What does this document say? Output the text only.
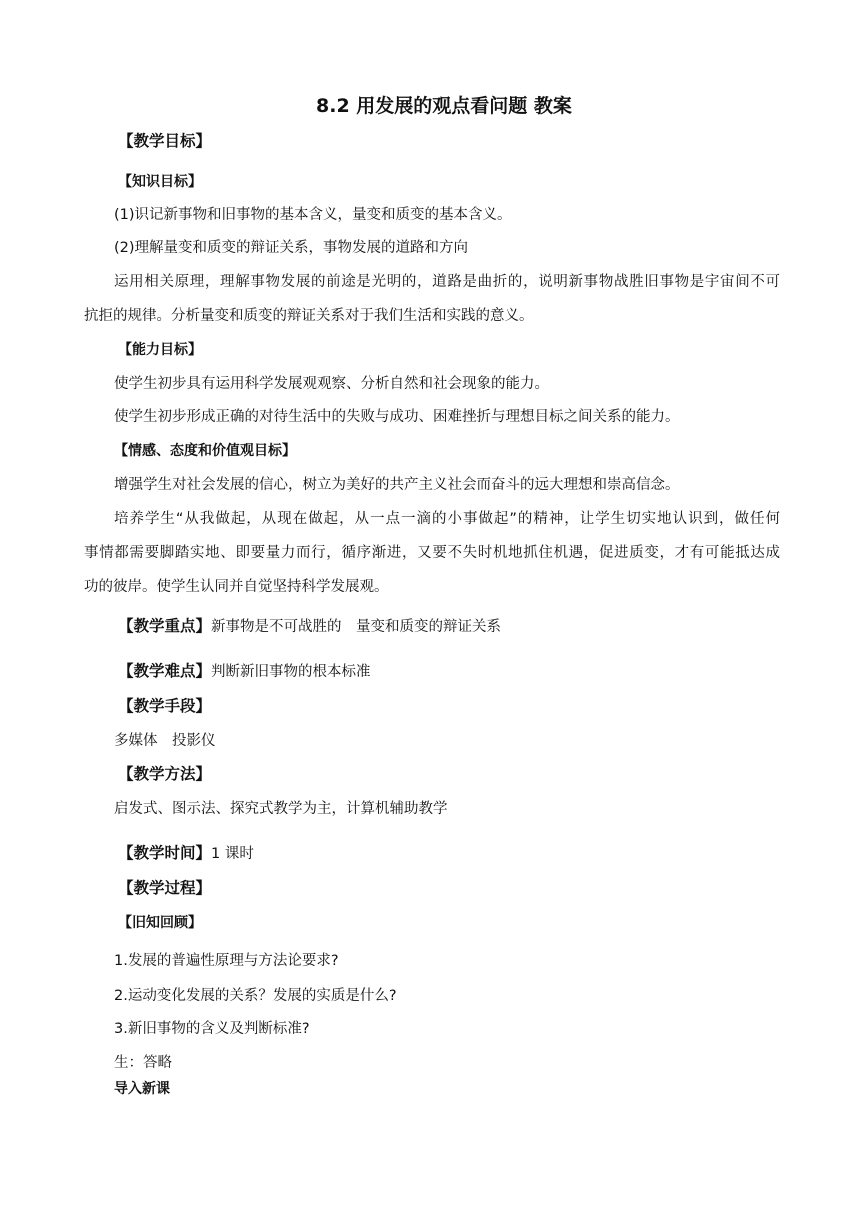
8.2 用发展的观点看问题 教案
【教学目标】
【知识目标】
(1)识记新事物和旧事物的基本含义，量变和质变的基本含义。
(2)理解量变和质变的辩证关系，事物发展的道路和方向
运用相关原理，理解事物发展的前途是光明的，道路是曲折的，说明新事物战胜旧事物是宇宙间不可
抗拒的规律。分析量变和质变的辩证关系对于我们生活和实践的意义。
【能力目标】
使学生初步具有运用科学发展观观察、分析自然和社会现象的能力。
使学生初步形成正确的对待生活中的失败与成功、困难挫折与理想目标之间关系的能力。
【情感、态度和价值观目标】
增强学生对社会发展的信心，树立为美好的共产主义社会而奋斗的远大理想和崇高信念。
培养学生“从我做起，从现在做起，从一点一滴的小事做起”的精神，让学生切实地认识到，做任何
事情都需要脚踏实地、即要量力而行，循序渐进，又要不失时机地抓住机遇，促进质变，才有可能抵达成
功的彼岸。使学生认同并自觉坚持科学发展观。
【教学重点】新事物是不可战胜的　量变和质变的辩证关系
【教学难点】判断新旧事物的根本标准
【教学手段】
多媒体　投影仪
【教学方法】
启发式、图示法、探究式教学为主，计算机辅助教学
【教学时间】1 课时
【教学过程】
【旧知回顾】
1.发展的普遍性原理与方法论要求?
2.运动变化发展的关系？发展的实质是什么?
3.新旧事物的含义及判断标准?
生：答略
导入新课
